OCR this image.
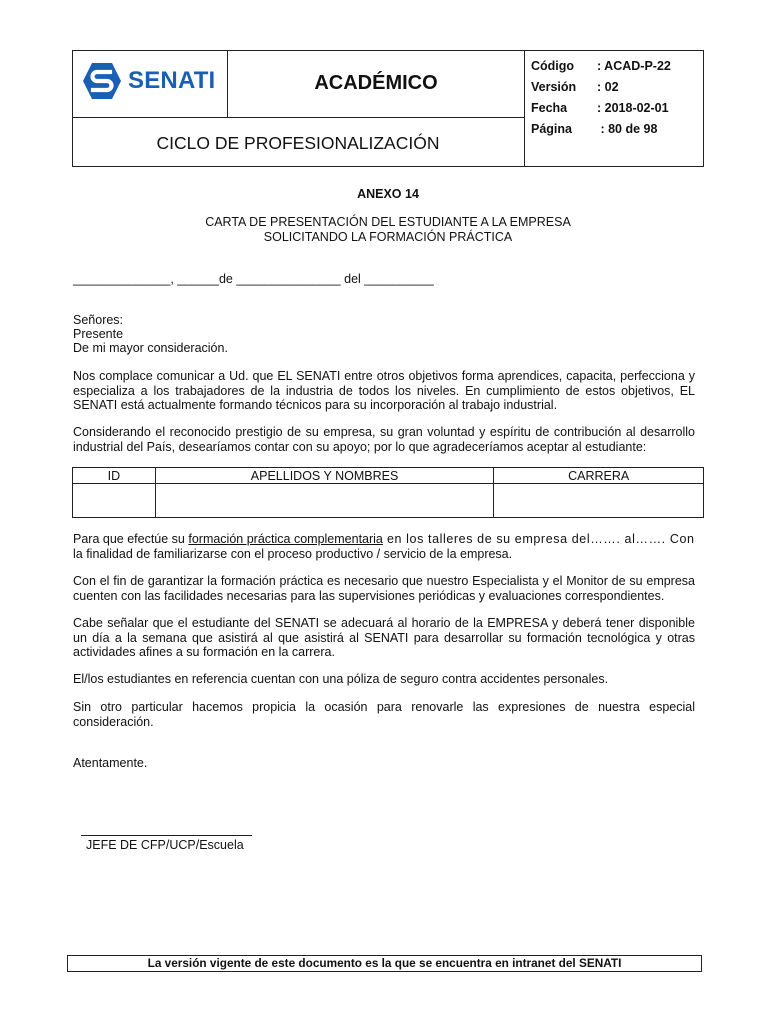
SENATI	ACADÉMICO
CICLO DE PROFESIONALIZACIÓN
Código : ACAD-P-22
Versión : 02
Fecha : 2018-02-01
Página : 80 de 98
ANEXO 14
CARTA DE PRESENTACIÓN DEL ESTUDIANTE A LA EMPRESA
SOLICITANDO LA FORMACIÓN PRÁCTICA
______________, ______de _______________ del __________
Señores:
Presente
De mi mayor consideración.
Nos complace comunicar a Ud. que EL SENATI entre otros objetivos forma aprendices, capacita, perfecciona y especializa a los trabajadores de la industria de todos los niveles. En cumplimiento de estos objetivos, EL SENATI está actualmente formando técnicos para su incorporación al trabajo industrial.
Considerando el reconocido prestigio de su empresa, su gran voluntad y espíritu de contribución al desarrollo industrial del País, desearíamos contar con su apoyo; por lo que agradeceríamos aceptar al estudiante:
ID	APELLIDOS Y NOMBRES	CARRERA

Para que efectúe su formación práctica complementaria en los talleres de su empresa del……. al……. Con
la finalidad de familiarizarse con el proceso productivo / servicio de la empresa.
Con el fin de garantizar la formación práctica es necesario que nuestro Especialista y el Monitor de su empresa cuenten con las facilidades necesarias para las supervisiones periódicas y evaluaciones correspondientes.
Cabe señalar que el estudiante del SENATI se adecuará al horario de la EMPRESA y deberá tener disponible un día a la semana que asistirá al que asistirá al SENATI para desarrollar su formación tecnológica y otras actividades afines a su formación en la carrera.
El/los estudiantes en referencia cuentan con una póliza de seguro contra accidentes personales.
Sin otro particular hacemos propicia la ocasión para renovarle las expresiones de nuestra especial consideración.
Atentamente.
JEFE DE CFP/UCP/Escuela
La versión vigente de este documento es la que se encuentra en intranet del SENATI
